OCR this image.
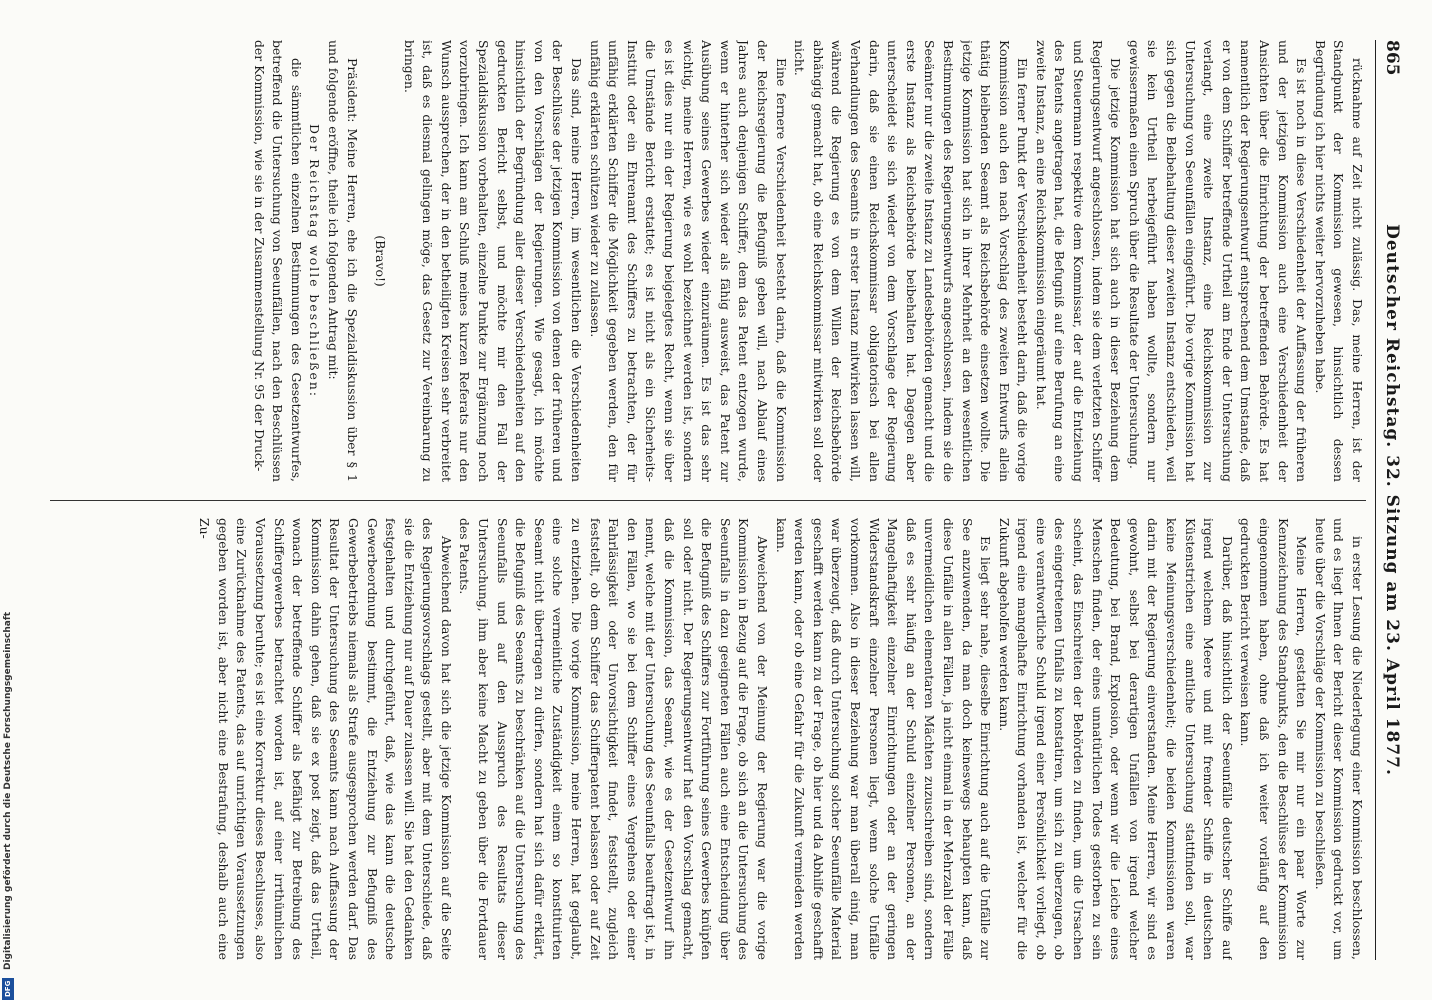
865
Deutscher Reichstag. 32. Sitzung am 23. April 1877.

rücknahme auf Zeit nicht zulässig. Das, meine Herren, ist der Standpunkt der Kommission gewesen, hinsichtlich dessen Begründung ich hier nichts weiter hervorzuheben habe.

Es ist noch in diese Verschiedenheit der Auffassung der früheren und der jetzigen Kommission auch eine Verschiedenheit der Ansichten über die Einrichtung der betreffenden Behörde. Es hat namentlich der Regierungsentwurf entsprechend dem Umstande, daß er von dem Schiffer betreffende Urtheil am Ende der Untersuchung verlangt, eine zweite Instanz, eine Reichskommission zur Untersuchung von Seeunfällen eingeführt. Die vorige Kommission hat sich gegen die Beibehaltung dieser zweiten Instanz entschieden, weil sie kein Urtheil herbeigeführt haben wollte, sondern nur gewissermaßen einen Spruch über die Resultate der Untersuchung.

Die jetzige Kommission hat sich auch in dieser Beziehung dem Regierungsentwurf angeschlossen, indem sie dem verletzten Schiffer und Steuermann respektive dem Kommissar, der auf die Entziehung des Patents angetragen hat, die Befugniß auf eine Berufung an eine zweite Instanz, an eine Reichskommission eingeräumt hat.

Ein ferner Punkt der Verschiedenheit besteht darin, daß die vorige Kommission auch den nach Vorschlag des zweiten Entwurfs allein thätig bleibenden Seeamt als Reichsbehörde einsetzen wollte. Die jetzige Kommission hat sich in ihrer Mehrheit an den wesentlichen Bestimmungen des Regierungsentwurfs angeschlossen, indem sie die Seeämter nur die zweite Instanz zu Landesbehörden gemacht und die erste Instanz als Reichsbehörde beibehalten hat. Dagegen aber unterscheidet sie sich wieder von dem Vorschlage der Regierung darin, daß sie einen Reichskommissar obligatorisch bei allen Verhandlungen des Seeamts in erster Instanz mitwirken lassen will, während die Regierung es von dem Willen der Reichsbehörde abhängig gemacht hat, ob eine Reichskommissar mitwirken soll oder nicht.

Eine fernere Verschiedenheit besteht darin, daß die Kommission der Reichsregierung die Befugniß geben will, nach Ablauf eines Jahres auch denjenigen Schiffer, dem das Patent entzogen wurde, wenn er hinterher sich wieder als fähig ausweist, das Patent zur Ausübung seines Gewerbes wieder einzuräumen. Es ist das sehr wichtig, meine Herren, wie es wohl bezeichnet werden ist, sondern es ist dies nur ein der Regierung beigelegtes Recht, wenn sie über die Umstände Bericht erstattet; es ist nicht als ein Sicherheits-Institut oder ein Ehrenamt des Schiffers zu betrachten, der für unfähig erklärten Schiffer die Möglichkeit gegeben werden, den für unfähig erklärten schützen wieder zu zulassen.

Das sind, meine Herren, im wesentlichen die Verschiedenheiten der Beschlüsse der jetzigen Kommission von denen der früheren und von den Vorschlägen der Regierungen. Wie gesagt, ich möchte hinsichtlich der Begründung aller dieser Verschiedenheiten auf den gedruckten Bericht selbst, und möchte mir den Fall der Spezialdiskussion vorbehalten, einzelne Punkte zur Ergänzung noch vorzubringen. Ich kann am Schluß meines kurzen Referats nur den Wunsch aussprechen, der in den betheiligten Kreisen sehr verbreitet ist, daß es diesmal gelingen möge, das Gesetz zur Vereinbarung zu bringen.

(Bravo!)

Präsident: Meine Herren, ehe ich die Spezialdiskussion über § 1 und folgende eröffne, theile ich folgenden Antrag mit:

Der Reichstag wolle beschließen:

die sämmtlichen einzelnen Bestimmungen des Gesetzentwurfes, betreffend die Untersuchung von Seeunfällen, nach den Beschlüssen der Kommission, wie sie in der Zusammenstellung Nr. 95 der Druck-

in erster Lesung die Niederlegung einer Kommission beschlossen, und es liegt Ihnen der Bericht dieser Kommission gedruckt vor, um heute über die Vorschläge der Kommission zu beschließen.

Meine Herren, gestatten Sie mir nur ein paar Worte zur Kennzeichnung des Standpunkts, den die Beschlüsse der Kommission eingenommen haben, ohne daß ich weiter vorläufig auf den gedruckten Bericht verweisen kann.

Darüber, daß hinsichtlich der Seeunfälle deutscher Schiffe auf irgend welchem Meere und mit fremder Schiffe in deutschen Küstenstrichen eine amtliche Untersuchung stattfinden soll, war keine Meinungsverschiedenheit; die beiden Kommissionen waren darin mit der Regierung einverstanden. Meine Herren, wir sind es gewohnt, selbst bei derartigen Unfällen von irgend welcher Bedeutung, bei Brand, Explosion, oder wenn wir die Leiche eines Menschen finden, der eines unnatürlichen Todes gestorben zu sein scheint, das Einschreiten der Behörden zu finden, um die Ursachen des eingetretenen Unfalls zu konstatiren, um sich zu überzeugen, ob eine verantwortliche Schuld irgend einer Persönlichkeit vorliegt, ob irgend eine mangelhafte Einrichtung vorhanden ist, welcher für die Zukunft abgeholfen werden kann.

Es liegt sehr nahe, dieselbe Einrichtung auch auf die Unfälle zur See anzuwenden, da man doch keineswegs behaupten kann, daß diese Unfälle in allen Fällen, ja nicht einmal in der Mehrzahl der Fälle unvermeidlichen elementaren Mächten zuzuschreiben sind, sondern daß es sehr häufig an der Schuld einzelner Personen, an der Mangelhaftigkeit einzelner Einrichtungen oder an der geringen Widerstandskraft einzelner Personen liegt, wenn solche Unfälle vorkommen. Also in dieser Beziehung war man überall einig, man war überzeugt, daß durch Untersuchung solcher Seeunfälle Material geschafft werden kann zu der Frage, ob hier und da Abhilfe geschafft werden kann, oder ob eine Gefahr für die Zukunft vermieden werden kann.

Abweichend von der Meinung der Regierung war die vorige Kommission in Bezug auf die Frage, ob sich an die Untersuchung des Seeunfalls in dazu geeigneten Fällen auch eine Entscheidung über die Befugniß des Schiffers zur Fortführung seines Gewerbes knüpfen soll oder nicht. Der Regierungsentwurf hat den Vorschlag gemacht, daß die Kommission, das Seeamt, wie es der Gesetzentwurf ihn nennt, welche mit der Untersuchung des Seeunfalls beauftragt ist, in den Fällen, wo sie bei dem Schiffer eines Vergehens oder einer Fahrlässigkeit oder Unvorsichtigkeit findet, feststellt, zugleich feststellt, ob dem Schiffer das Schifferpatent belassen oder auf Zeit zu entziehen. Die vorige Kommission, meine Herren, hat geglaubt, eine solche vermeintliche Zuständigkeit einem so konstituirten Seeamt nicht übertragen zu dürfen, sondern hat sich dafür erklärt, die Befugniß des Seeamts zu beschränken auf die Untersuchung des Seeunfalls und auf den Ausspruch des Resultats dieser Untersuchung, ihm aber keine Macht zu geben über die Fortdauer des Patents.

Abweichend davon hat sich die jetzige Kommission auf die Seite des Regierungsvorschlags gestellt, aber mit dem Unterschiede, daß sie die Entziehung nur auf Dauer zulassen will. Sie hat den Gedanken festgehalten und durchgeführt, daß, wie das kann die deutsche Gewerbeordnung bestimmt, die Entziehung zur Befugniß des Gewerbebetriebs niemals als Strafe ausgesprochen werden darf. Das Resultat der Untersuchung des Seeamts kann nach Auffassung der Kommission dahin gehen, daß sie ex post zeigt, daß das Urtheil, wonach der betreffende Schiffer als befähigt zur Betreibung des Schiffergewerbes betrachtet worden ist, auf einer irrthümlichen Voraussetzung beruhte; es ist eine Korrektur dieses Beschlusses, also eine Zurücknahme des Patents, das auf unrichtigen Voraussetzungen gegeben worden ist, aber nicht eine Bestrafung, deshalb auch eine Zu-

Digitalisierung gefördert durch die Deutsche Forschungsgemeinschaft
DFG
